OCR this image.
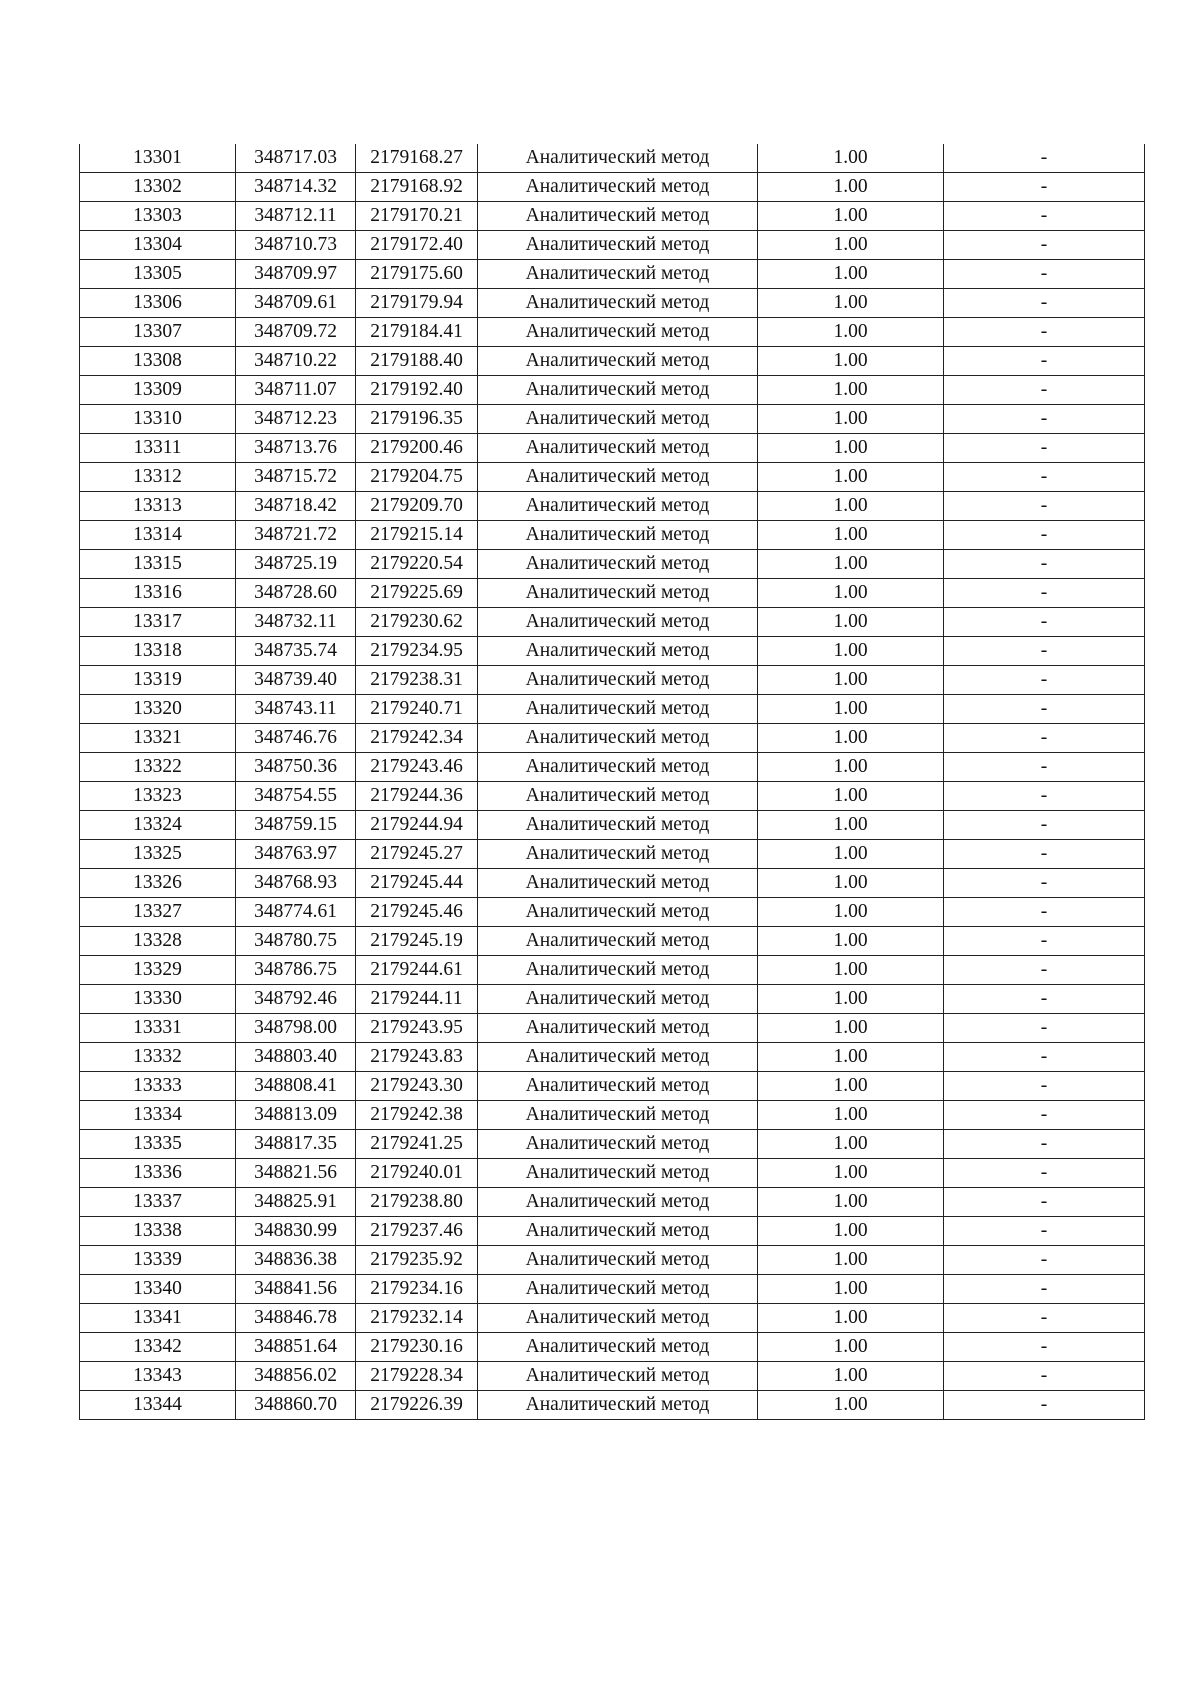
13301	348717.03	2179168.27	Аналитический метод	1.00	-
13302	348714.32	2179168.92	Аналитический метод	1.00	-
13303	348712.11	2179170.21	Аналитический метод	1.00	-
13304	348710.73	2179172.40	Аналитический метод	1.00	-
13305	348709.97	2179175.60	Аналитический метод	1.00	-
13306	348709.61	2179179.94	Аналитический метод	1.00	-
13307	348709.72	2179184.41	Аналитический метод	1.00	-
13308	348710.22	2179188.40	Аналитический метод	1.00	-
13309	348711.07	2179192.40	Аналитический метод	1.00	-
13310	348712.23	2179196.35	Аналитический метод	1.00	-
13311	348713.76	2179200.46	Аналитический метод	1.00	-
13312	348715.72	2179204.75	Аналитический метод	1.00	-
13313	348718.42	2179209.70	Аналитический метод	1.00	-
13314	348721.72	2179215.14	Аналитический метод	1.00	-
13315	348725.19	2179220.54	Аналитический метод	1.00	-
13316	348728.60	2179225.69	Аналитический метод	1.00	-
13317	348732.11	2179230.62	Аналитический метод	1.00	-
13318	348735.74	2179234.95	Аналитический метод	1.00	-
13319	348739.40	2179238.31	Аналитический метод	1.00	-
13320	348743.11	2179240.71	Аналитический метод	1.00	-
13321	348746.76	2179242.34	Аналитический метод	1.00	-
13322	348750.36	2179243.46	Аналитический метод	1.00	-
13323	348754.55	2179244.36	Аналитический метод	1.00	-
13324	348759.15	2179244.94	Аналитический метод	1.00	-
13325	348763.97	2179245.27	Аналитический метод	1.00	-
13326	348768.93	2179245.44	Аналитический метод	1.00	-
13327	348774.61	2179245.46	Аналитический метод	1.00	-
13328	348780.75	2179245.19	Аналитический метод	1.00	-
13329	348786.75	2179244.61	Аналитический метод	1.00	-
13330	348792.46	2179244.11	Аналитический метод	1.00	-
13331	348798.00	2179243.95	Аналитический метод	1.00	-
13332	348803.40	2179243.83	Аналитический метод	1.00	-
13333	348808.41	2179243.30	Аналитический метод	1.00	-
13334	348813.09	2179242.38	Аналитический метод	1.00	-
13335	348817.35	2179241.25	Аналитический метод	1.00	-
13336	348821.56	2179240.01	Аналитический метод	1.00	-
13337	348825.91	2179238.80	Аналитический метод	1.00	-
13338	348830.99	2179237.46	Аналитический метод	1.00	-
13339	348836.38	2179235.92	Аналитический метод	1.00	-
13340	348841.56	2179234.16	Аналитический метод	1.00	-
13341	348846.78	2179232.14	Аналитический метод	1.00	-
13342	348851.64	2179230.16	Аналитический метод	1.00	-
13343	348856.02	2179228.34	Аналитический метод	1.00	-
13344	348860.70	2179226.39	Аналитический метод	1.00	-
